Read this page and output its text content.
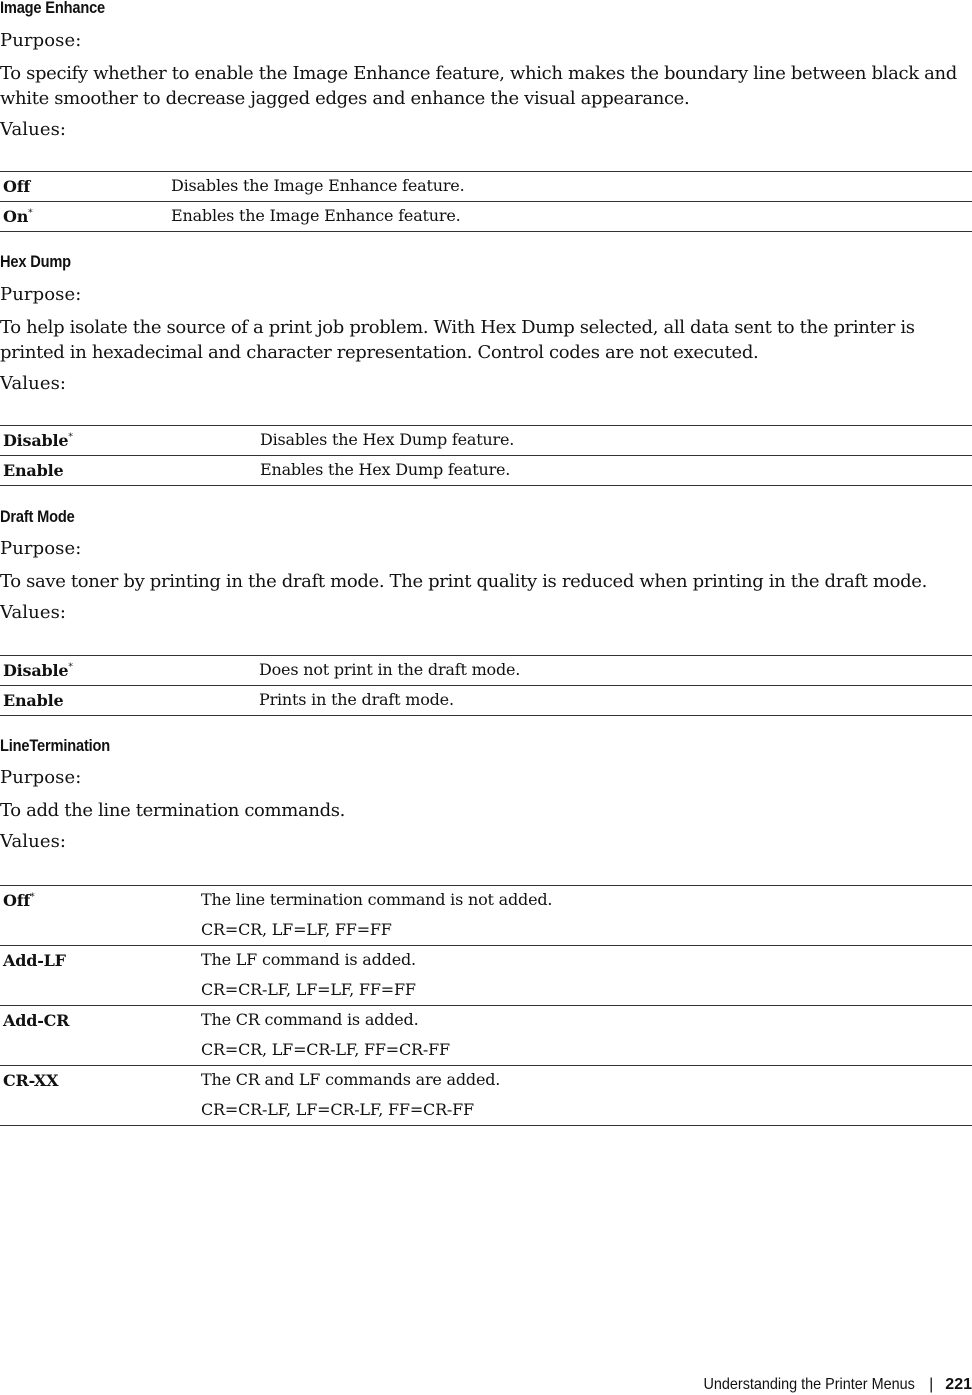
Image Enhance
Purpose:
To specify whether to enable the Image Enhance feature, which makes the boundary line between black and white smoother to decrease jagged edges and enhance the visual appearance.
Values:
Off	Disables the Image Enhance feature.

On*	Enables the Image Enhance feature.
Hex Dump
Purpose:
To help isolate the source of a print job problem. With Hex Dump selected, all data sent to the printer is printed in hexadecimal and character representation. Control codes are not executed.
Values:
Disable*	Disables the Hex Dump feature.

Enable	Enables the Hex Dump feature.
Draft Mode
Purpose:
To save toner by printing in the draft mode. The print quality is reduced when printing in the draft mode.
Values:
Disable*	Does not print in the draft mode.

Enable	Prints in the draft mode.
LineTermination
Purpose:
To add the line termination commands.
Values:
Off*	The line termination command is not added.
CR=CR, LF=LF, FF=FF

Add-LF	The LF command is added.
CR=CR-LF, LF=LF, FF=FF

Add-CR	The CR command is added.
CR=CR, LF=CR-LF, FF=CR-FF

CR-XX	The CR and LF commands are added.
CR=CR-LF, LF=CR-LF, FF=CR-FF
Understanding the Printer Menus | 221
